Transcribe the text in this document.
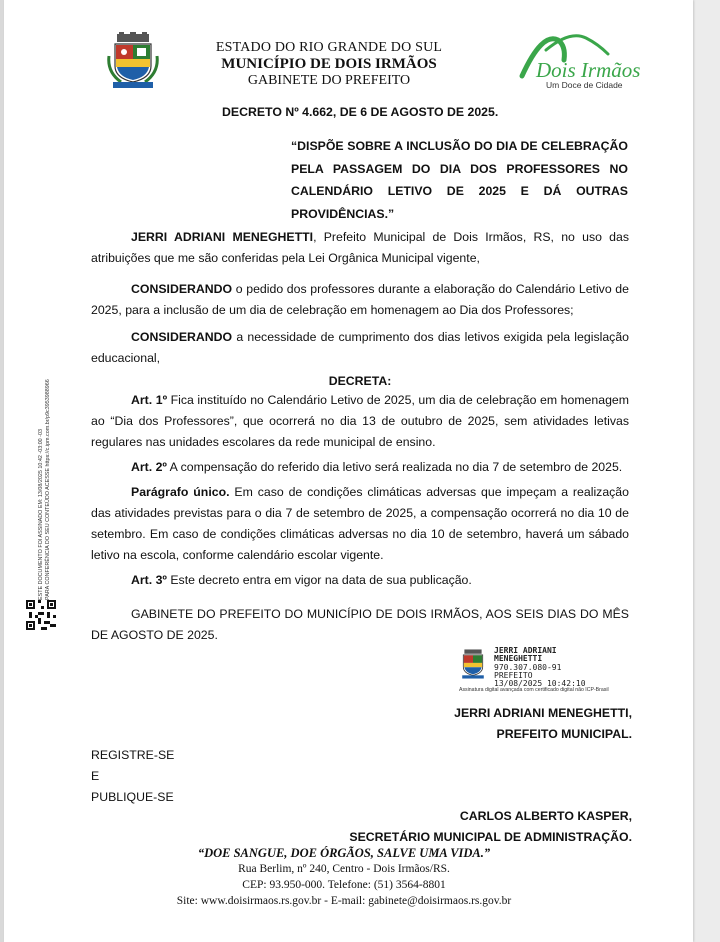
ESTADO DO RIO GRANDE DO SUL
MUNICÍPIO DE DOIS IRMÃOS
GABINETE DO PREFEITO	Dois Irmãos
Um Doce de Cidade
DECRETO Nº 4.662, DE 6 DE AGOSTO DE 2025.
“DISPÕE SOBRE A INCLUSÃO DO DIA DE CELEBRAÇÃO PELA PASSAGEM DO DIA DOS PROFESSORES NO CALENDÁRIO LETIVO DE 2025 E DÁ OUTRAS PROVIDÊNCIAS.”

JERRI ADRIANI MENEGHETTI, Prefeito Municipal de Dois Irmãos, RS, no uso das atribuições que me são conferidas pela Lei Orgânica Municipal vigente,

CONSIDERANDO o pedido dos professores durante a elaboração do Calendário Letivo de 2025, para a inclusão de um dia de celebração em homenagem ao Dia dos Professores;

CONSIDERANDO a necessidade de cumprimento dos dias letivos exigida pela legislação educacional,

DECRETA:

Art. 1º Fica instituído no Calendário Letivo de 2025, um dia de celebração em homenagem ao “Dia dos Professores”, que ocorrerá no dia 13 de outubro de 2025, sem atividades letivas regulares nas unidades escolares da rede municipal de ensino.

Art. 2º A compensação do referido dia letivo será realizada no dia 7 de setembro de 2025.

Parágrafo único. Em caso de condições climáticas adversas que impeçam a realização das atividades previstas para o dia 7 de setembro de 2025, a compensação ocorrerá no dia 10 de setembro. Em caso de condições climáticas adversas no dia 10 de setembro, haverá um sábado letivo na escola, conforme calendário escolar vigente.

Art. 3º Este decreto entra em vigor na data de sua publicação.

GABINETE DO PREFEITO DO MUNICÍPIO DE DOIS IRMÃOS, AOS SEIS DIAS DO MÊS DE AGOSTO DE 2025.

JERRI ADRIANI
MENEGHETTI
970.307.080-91
PREFEITO
13/08/2025 10:42:10
Assinatura digital avançada com certificado digital não ICP-Brasil
JERRI ADRIANI MENEGHETTI,
PREFEITO MUNICIPAL.
REGISTRE-SE
E
PUBLIQUE-SE
CARLOS ALBERTO KASPER,
SECRETÁRIO MUNICIPAL DE ADMINISTRAÇÃO.
“DOE SANGUE, DOE ÓRGÃOS, SALVE UMA VIDA.”
Rua Berlim, nº 240, Centro - Dois Irmãos/RS.
CEP: 93.950-000. Telefone: (51) 3564-8801
Site: www.doisirmaos.rs.gov.br - E-mail: gabinete@doisirmaos.rs.gov.br
ESTE DOCUMENTO FOI ASSINADO EM: 13/08/2025 10:42 -03:00 -03 PARA CONFERÊNCIA DO SEU CONTEÚDO ACESSE https://c.ipm.com.br/p9c3953988966
